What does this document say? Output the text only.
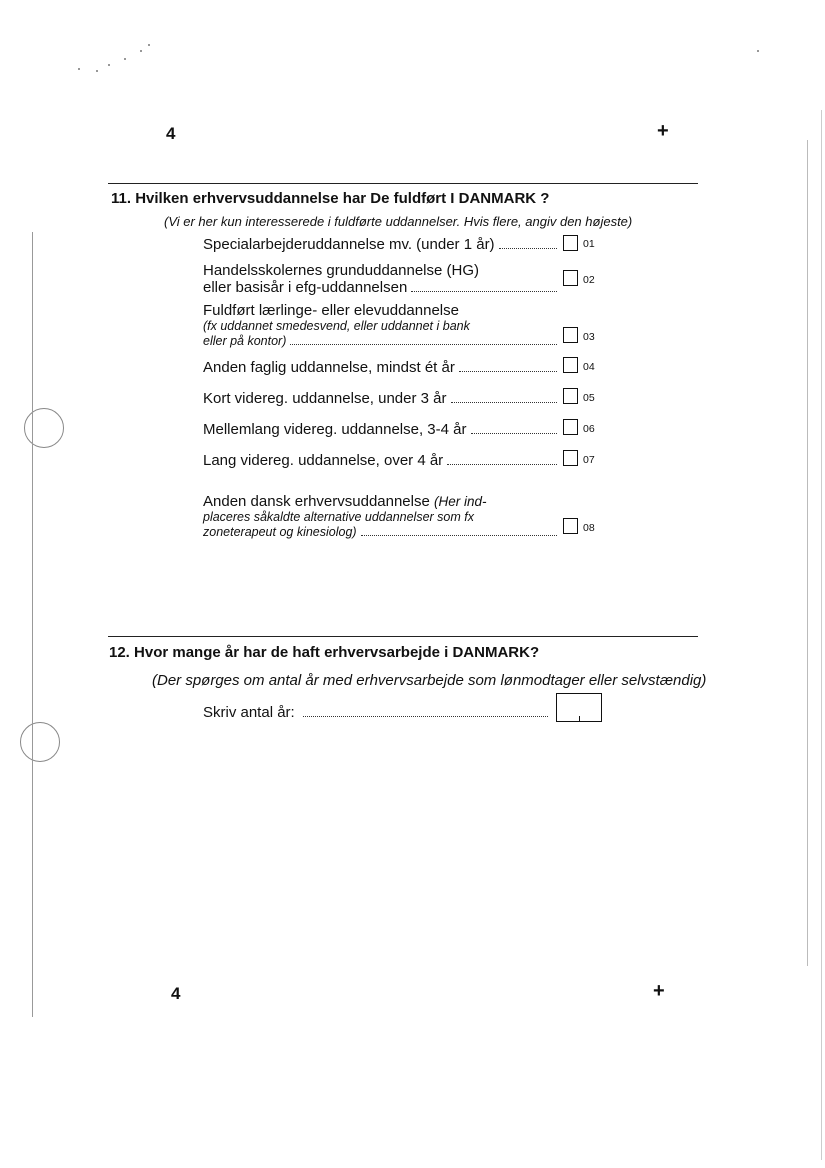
4	+
11. Hvilken erhvervsuddannelse har De fuldført I DANMARK ?
(Vi er her kun interesserede i fuldførte uddannelser. Hvis flere, angiv den højeste)
Specialarbejderuddannelse mv. (under 1 år)	01
Handelsskolernes grunduddannelse (HG)
eller basisår i efg-uddannelsen	02
Fuldført lærlinge- eller elevuddannelse
(fx uddannet smedesvend, eller uddannet i bank
eller på kontor)	03
Anden faglig uddannelse, mindst ét år	04
Kort videreg. uddannelse, under 3 år	05
Mellemlang videreg. uddannelse, 3-4 år	06
Lang videreg. uddannelse, over 4 år	07
Anden dansk erhvervsuddannelse
(Her ind-
placeres såkaldte alternative uddannelser som fx
zoneterapeut og kinesiolog)	08
12. Hvor mange år har de haft erhvervsarbejde i DANMARK?
(Der spørges om antal år med erhvervsarbejde som lønmodtager eller selvstændig)
Skriv antal år:
4	+
